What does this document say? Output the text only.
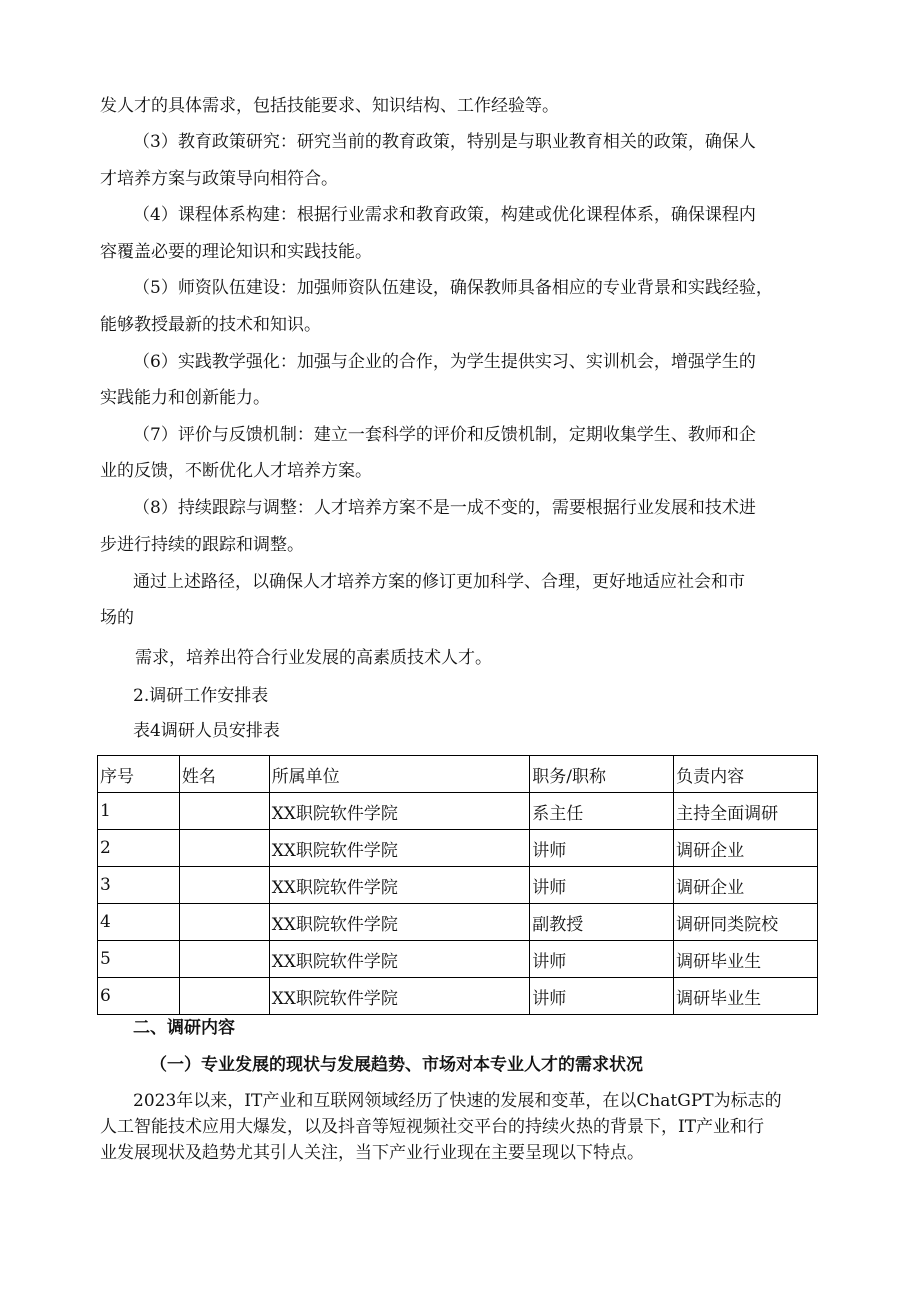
发人才的具体需求，包括技能要求、知识结构、工作经验等。
（3）教育政策研究：研究当前的教育政策，特别是与职业教育相关的政策，确保人
才培养方案与政策导向相符合。
（4）课程体系构建：根据行业需求和教育政策，构建或优化课程体系，确保课程内
容覆盖必要的理论知识和实践技能。
（5）师资队伍建设：加强师资队伍建设，确保教师具备相应的专业背景和实践经验，
能够教授最新的技术和知识。
（6）实践教学强化：加强与企业的合作，为学生提供实习、实训机会，增强学生的
实践能力和创新能力。
（7）评价与反馈机制：建立一套科学的评价和反馈机制，定期收集学生、教师和企
业的反馈，不断优化人才培养方案。
（8）持续跟踪与调整：人才培养方案不是一成不变的，需要根据行业发展和技术进
步进行持续的跟踪和调整。
通过上述路径，以确保人才培养方案的修订更加科学、合理，更好地适应社会和市
场的
需求，培养出符合行业发展的高素质技术人才。
2.调研工作安排表
表4调研人员安排表
序号	姓名	所属单位	职务/职称	负责内容
1		XX职院软件学院	系主任	主持全面调研
2		XX职院软件学院	讲师	调研企业
3		XX职院软件学院	讲师	调研企业
4		XX职院软件学院	副教授	调研同类院校
5		XX职院软件学院	讲师	调研毕业生
6		XX职院软件学院	讲师	调研毕业生
二、调研内容
（一）专业发展的现状与发展趋势、市场对本专业人才的需求状况
2023年以来，IT产业和互联网领域经历了快速的发展和变革，在以ChatGPT为标志的
人工智能技术应用大爆发，以及抖音等短视频社交平台的持续火热的背景下，IT产业和行
业发展现状及趋势尤其引人关注，当下产业行业现在主要呈现以下特点。
